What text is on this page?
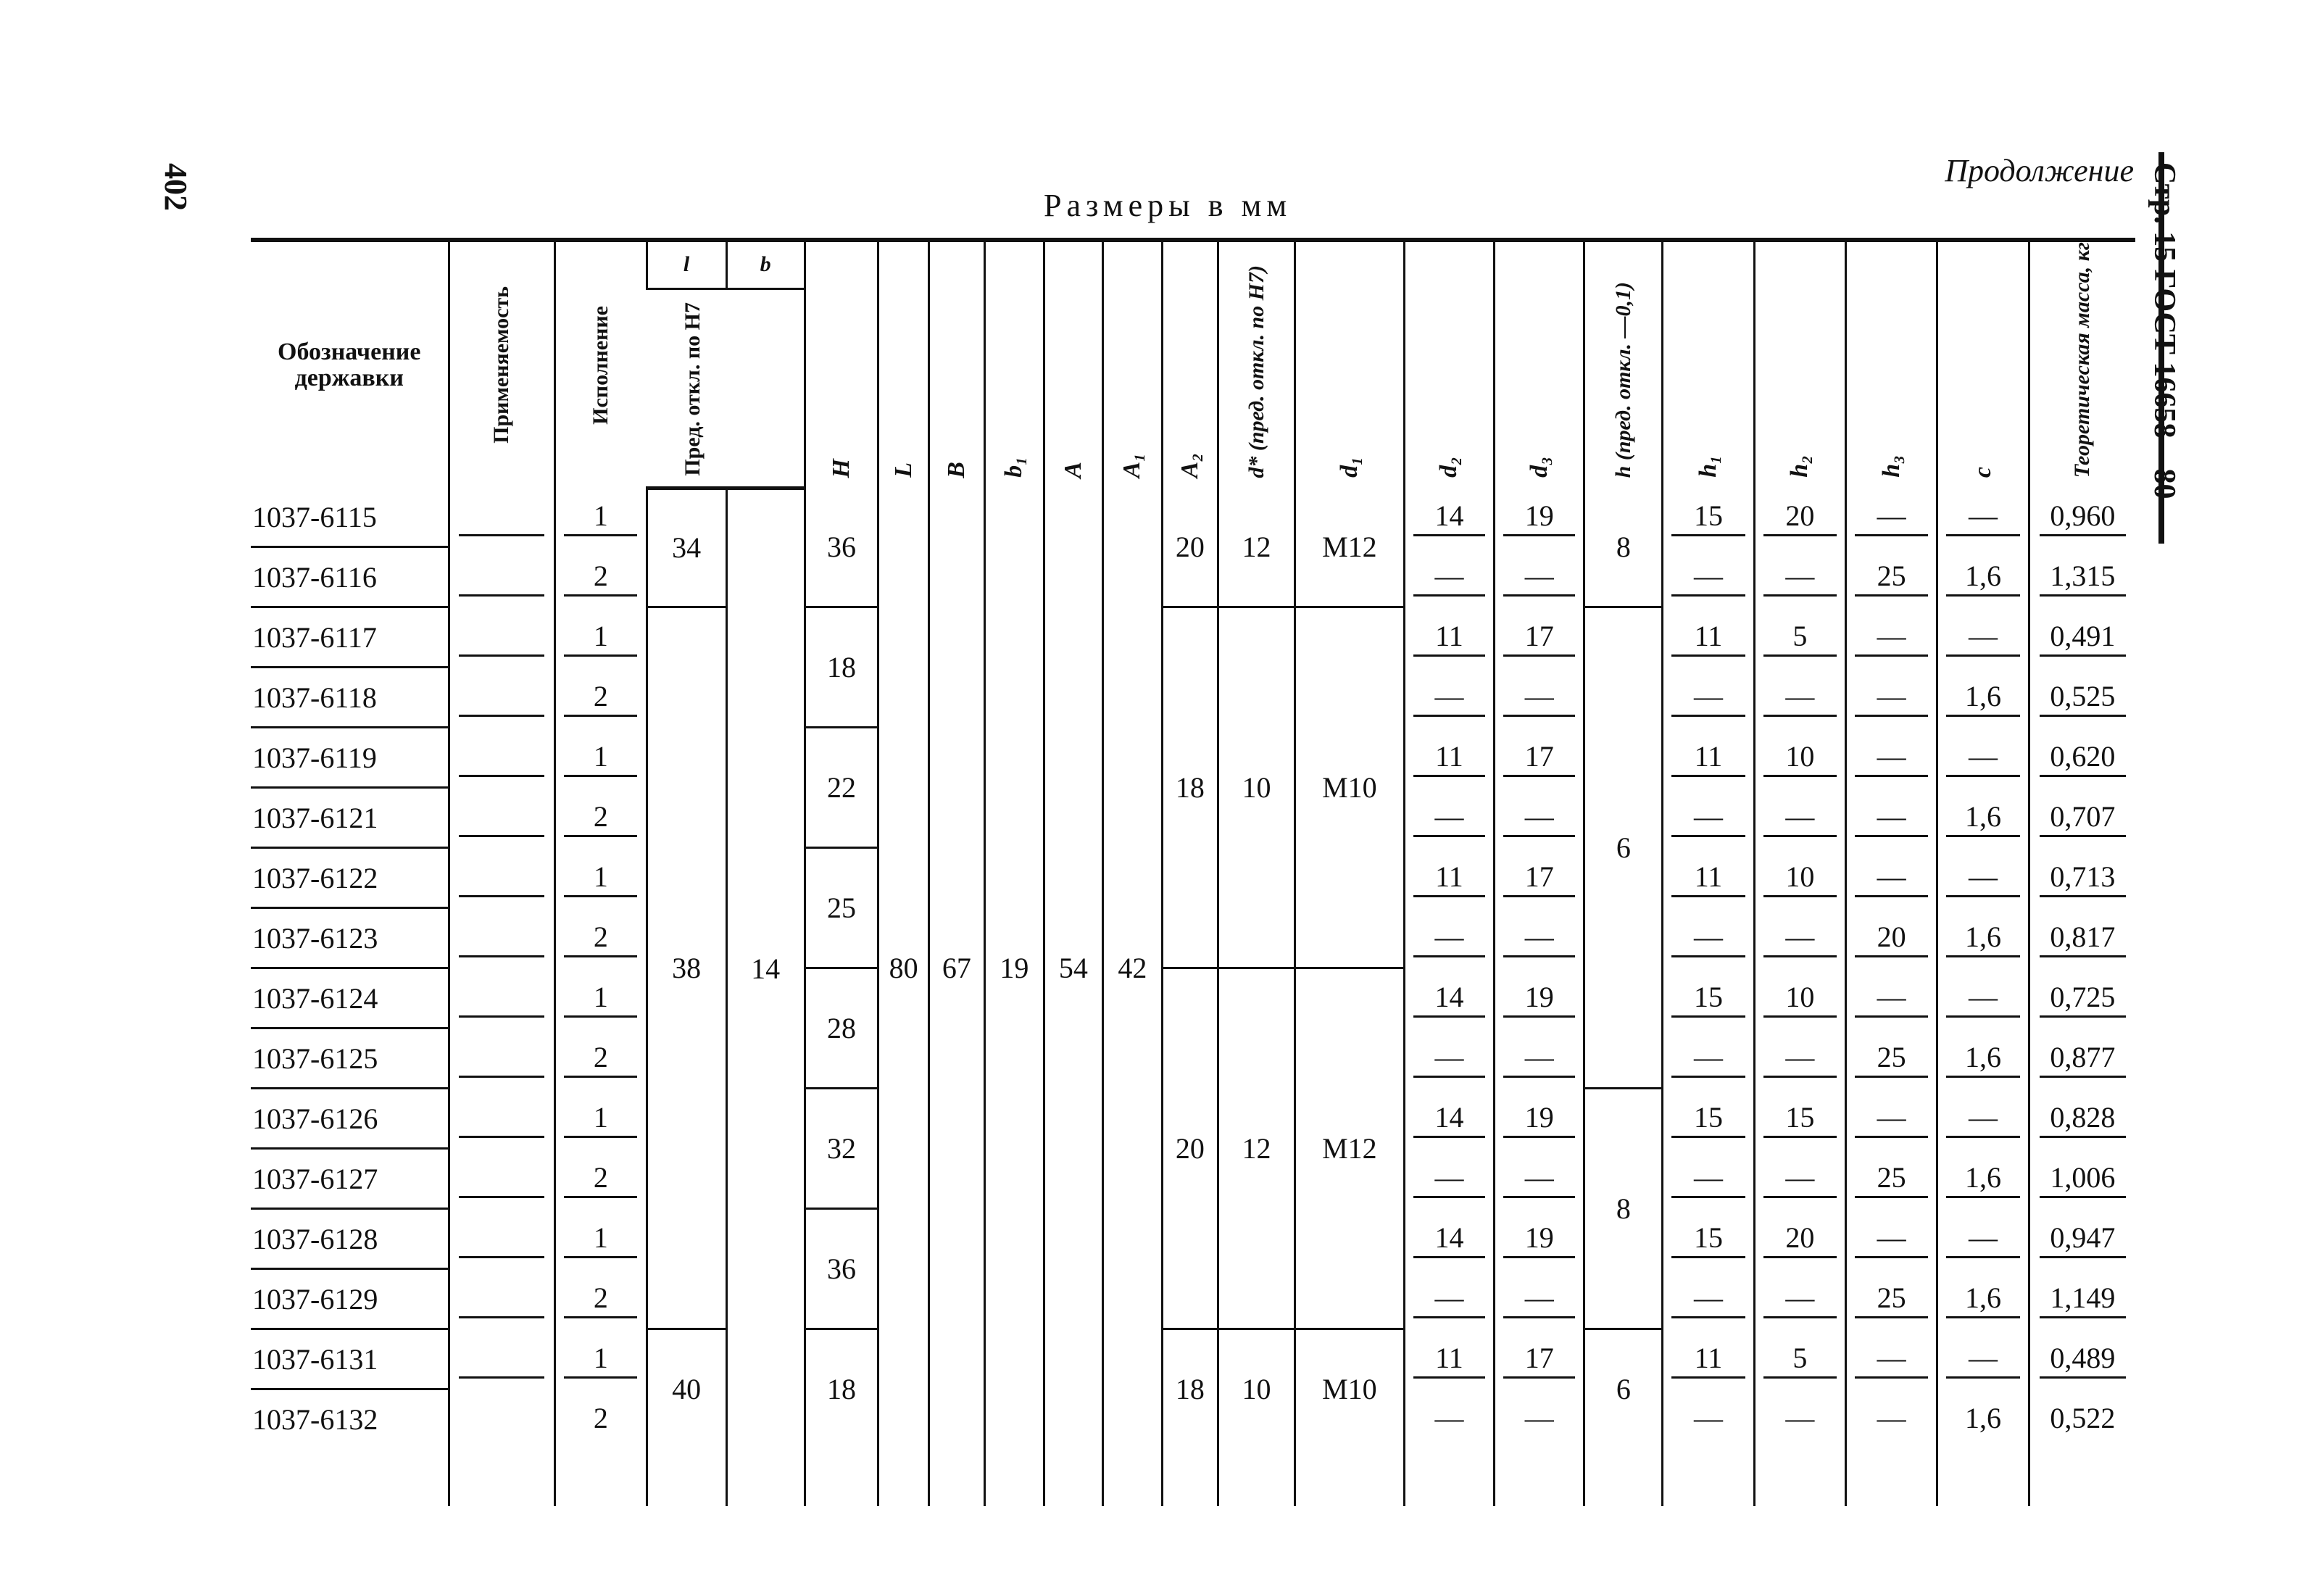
402	Продолжение
Размеры в мм	Стр. 15 ГОСТ 16658—80
Обозначение державки	Применяемость	Исполнение	l	b	H	L	B	b₁	A	A₁	A₂	d* (пред. откл. по Н7)	d₁	d₂	d₃	h (пред. откл. —0,1)	h₁	h₂	h₃	c	Теоретическая масса, кг

			Пред. откл. по Н7																		

1037-6115		1	34	14	36	80	67	19	54	42	20	12	M12	14	19	8	15	20	—	—	0,960
1037-6116		2												—	—		—	—	25	1,6	1,315
1037-6117		1	38		18						18	10	M10	11	17	6	11	5	—	—	0,491
1037-6118		2												—	—		—	—	—	1,6	0,525
1037-6119		1			22									11	17		11	10	—	—	0,620
1037-6121		2												—	—		—	—	—	1,6	0,707
1037-6122		1			25									11	17		11	10	—	—	0,713
1037-6123		2												—	—		—	—	20	1,6	0,817
1037-6124		1			28						20	12	M12	14	19		15	10	—	—	0,725
1037-6125		2												—	—		—	—	25	1,6	0,877
1037-6126		1			32									14	19	8	15	15	—	—	0,828
1037-6127		2												—	—		—	—	25	1,6	1,006
1037-6128		1			36									14	19		15	20	—	—	0,947
1037-6129		2												—	—		—	—	25	1,6	1,149
1037-6131		1	40		18						18	10	M10	11	17	6	11	5	—	—	0,489
1037-6132		2												—	—		—	—	—	1,6	0,522
